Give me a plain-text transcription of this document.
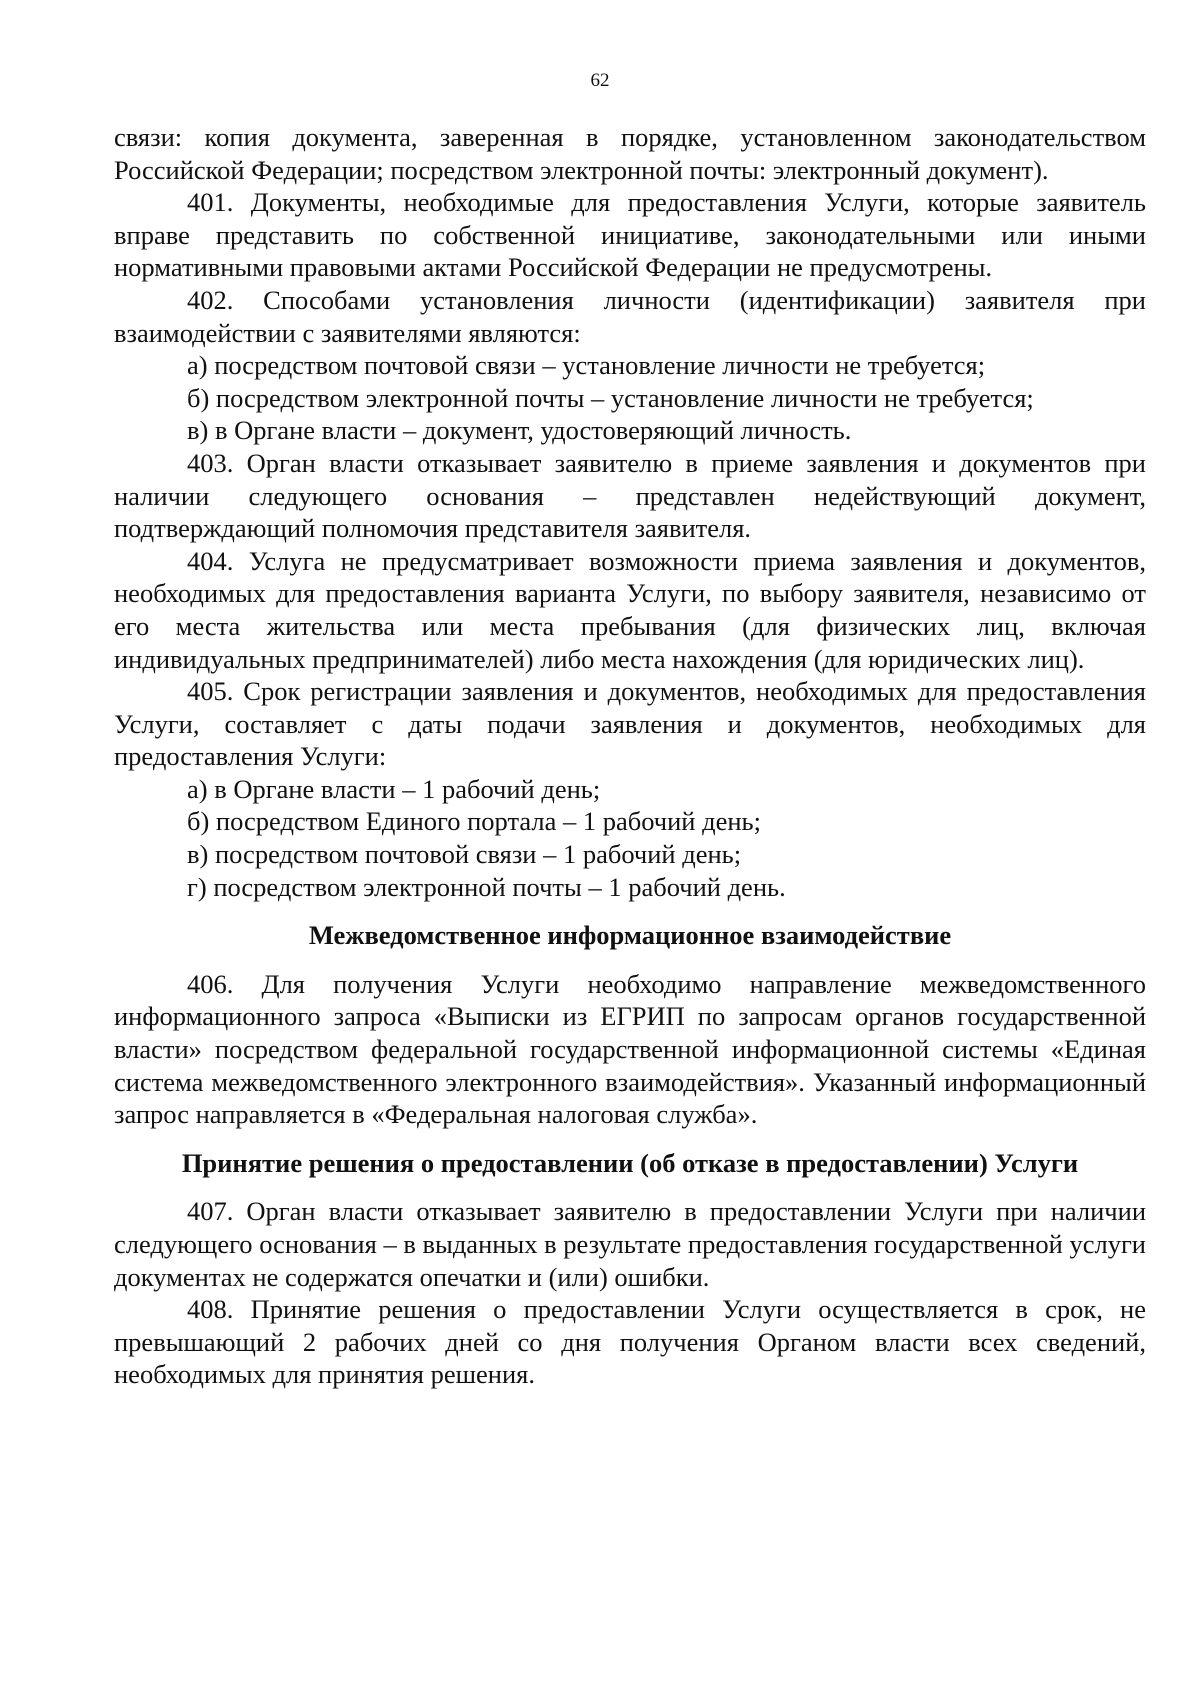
62

связи: копия документа, заверенная в порядке, установленном законодательством Российской Федерации; посредством электронной почты: электронный документ).

401. Документы, необходимые для предоставления Услуги, которые заявитель вправе представить по собственной инициативе, законодательными или иными нормативными правовыми актами Российской Федерации не предусмотрены.

402. Способами установления личности (идентификации) заявителя при взаимодействии с заявителями являются:

а) посредством почтовой связи – установление личности не требуется;

б) посредством электронной почты – установление личности не требуется;

в) в Органе власти – документ, удостоверяющий личность.

403. Орган власти отказывает заявителю в приеме заявления и документов при наличии следующего основания – представлен недействующий документ, подтверждающий полномочия представителя заявителя.

404. Услуга не предусматривает возможности приема заявления и документов, необходимых для предоставления варианта Услуги, по выбору заявителя, независимо от его места жительства или места пребывания (для физических лиц, включая индивидуальных предпринимателей) либо места нахождения (для юридических лиц).

405. Срок регистрации заявления и документов, необходимых для предоставления Услуги, составляет с даты подачи заявления и документов, необходимых для предоставления Услуги:

а) в Органе власти – 1 рабочий день;

б) посредством Единого портала – 1 рабочий день;

в) посредством почтовой связи – 1 рабочий день;

г) посредством электронной почты – 1 рабочий день.

Межведомственное информационное взаимодействие

406. Для получения Услуги необходимо направление межведомственного информационного запроса «Выписки из ЕГРИП по запросам органов государственной власти» посредством федеральной государственной информационной системы «Единая система межведомственного электронного взаимодействия». Указанный информационный запрос направляется в «Федеральная налоговая служба».

Принятие решения о предоставлении (об отказе в предоставлении) Услуги

407. Орган власти отказывает заявителю в предоставлении Услуги при наличии следующего основания – в выданных в результате предоставления государственной услуги документах не содержатся опечатки и (или) ошибки.

408. Принятие решения о предоставлении Услуги осуществляется в срок, не превышающий 2 рабочих дней со дня получения Органом власти всех сведений, необходимых для принятия решения.
